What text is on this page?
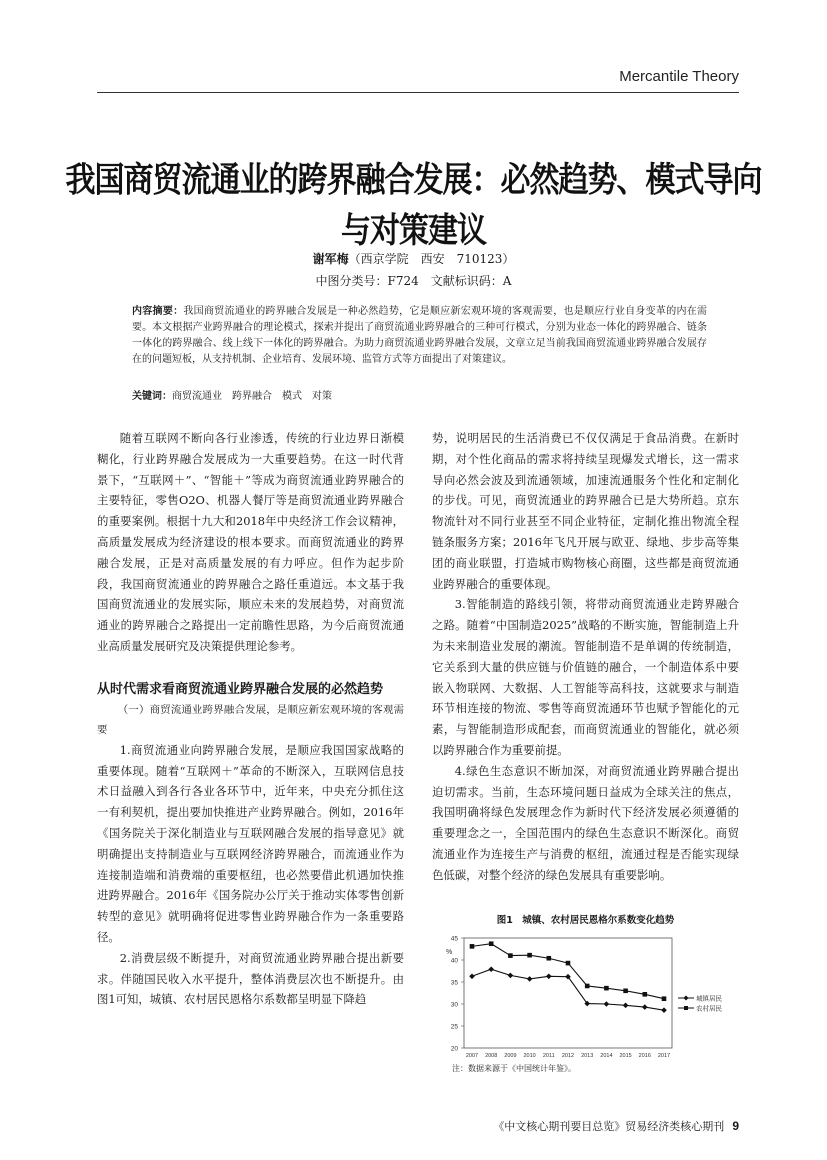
Mercantile Theory
我国商贸流通业的跨界融合发展：必然趋势、模式导向与对策建议
谢军梅（西京学院　西安　710123）
中图分类号：F724　文献标识码：A

内容摘要：我国商贸流通业的跨界融合发展是一种必然趋势，它是顺应新宏观环境的客观需要，也是顺应行业自身变革的内在需要。本文根据产业跨界融合的理论模式，探索并提出了商贸流通业跨界融合的三种可行模式，分别为业态一体化的跨界融合、链条一体化的跨界融合、线上线下一体化的跨界融合。为助力商贸流通业跨界融合发展，文章立足当前我国商贸流通业跨界融合发展存在的问题短板，从支持机制、企业培育、发展环境、监管方式等方面提出了对策建议。

关键词：商贸流通业　跨界融合　模式　对策

随着互联网不断向各行业渗透，传统的行业边界日渐模糊化，行业跨界融合发展成为一大重要趋势。在这一时代背景下，“互联网＋”、“智能＋”等成为商贸流通业跨界融合的主要特征，零售O2O、机器人餐厅等是商贸流通业跨界融合的重要案例。根据十九大和2018年中央经济工作会议精神，高质量发展成为经济建设的根本要求。而商贸流通业的跨界融合发展，正是对高质量发展的有力呼应。但作为起步阶段，我国商贸流通业的跨界融合之路任重道远。本文基于我国商贸流通业的发展实际，顺应未来的发展趋势，对商贸流通业的跨界融合之路提出一定前瞻性思路，为今后商贸流通业高质量发展研究及决策提供理论参考。

从时代需求看商贸流通业跨界融合发展的必然趋势

（一）商贸流通业跨界融合发展，是顺应新宏观环境的客观需要

1.商贸流通业向跨界融合发展，是顺应我国国家战略的重要体现。随着“互联网＋”革命的不断深入，互联网信息技术日益融入到各行各业各环节中，近年来，中央充分抓住这一有利契机，提出要加快推进产业跨界融合。例如，2016年《国务院关于深化制造业与互联网融合发展的指导意见》就明确提出支持制造业与互联网经济跨界融合，而流通业作为连接制造端和消费端的重要枢纽，也必然要借此机遇加快推进跨界融合。2016年《国务院办公厅关于推动实体零售创新转型的意见》就明确将促进零售业跨界融合作为一条重要路径。

2.消费层级不断提升，对商贸流通业跨界融合提出新要求。伴随国民收入水平提升，整体消费层次也不断提升。由图1可知，城镇、农村居民恩格尔系数都呈明显下降趋

势，说明居民的生活消费已不仅仅满足于食品消费。在新时期，对个性化商品的需求将持续呈现爆发式增长，这一需求导向必然会波及到流通领域，加速流通服务个性化和定制化的步伐。可见，商贸流通业的跨界融合已是大势所趋。京东物流针对不同行业甚至不同企业特征，定制化推出物流全程链条服务方案；2016年飞凡开展与欧亚、绿地、步步高等集团的商业联盟，打造城市购物核心商圈，这些都是商贸流通业跨界融合的重要体现。

3.智能制造的路线引领，将带动商贸流通业走跨界融合之路。随着“中国制造2025”战略的不断实施，智能制造上升为未来制造业发展的潮流。智能制造不是单调的传统制造，它关系到大量的供应链与价值链的融合，一个制造体系中要嵌入物联网、大数据、人工智能等高科技，这就要求与制造环节相连接的物流、零售等商贸流通环节也赋予智能化的元素，与智能制造形成配套，而商贸流通业的智能化，就必须以跨界融合作为重要前提。

4.绿色生态意识不断加深，对商贸流通业跨界融合提出迫切需求。当前，生态环境问题日益成为全球关注的焦点，我国明确将绿色发展理念作为新时代下经济发展必须遵循的重要理念之一，全国范围内的绿色生态意识不断深化。商贸流通业作为连接生产与消费的枢纽，流通过程是否能实现绿色低碳，对整个经济的绿色发展具有重要影响。

图1　城镇、农村居民恩格尔系数变化趋势

%
20
25
30
35
40
45
2007 2008 2009 2010 2011 2012 2013 2014 2015 2016 2017
城镇居民
农村居民

注：数据来源于《中国统计年鉴》。

《中文核心期刊要目总览》贸易经济类核心期刊 9
